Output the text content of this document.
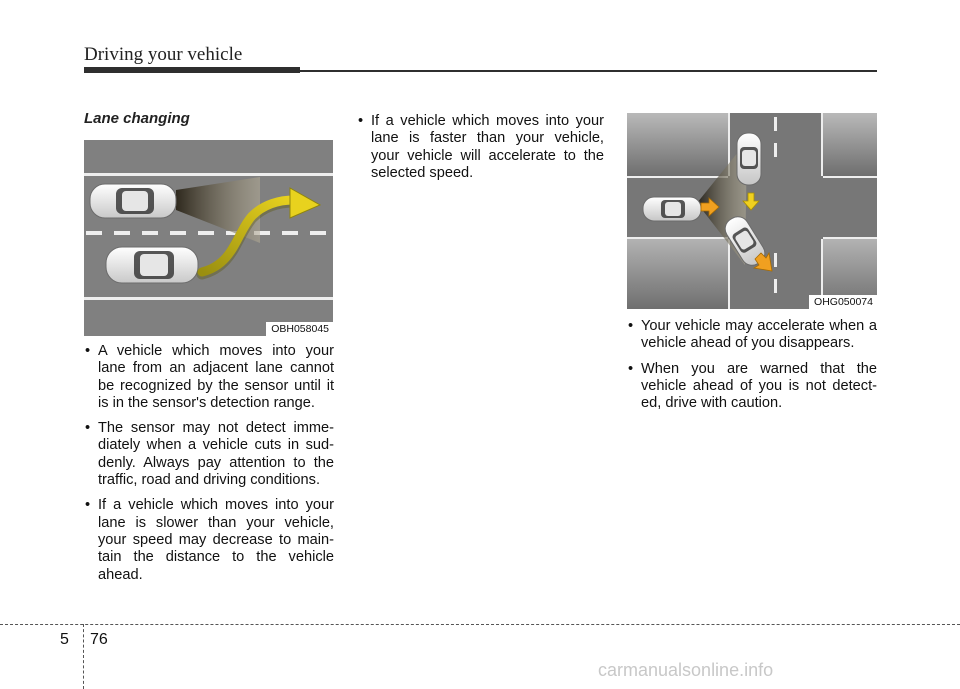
Driving your vehicle
Lane changing
OBH058045
OHG050074
• A vehicle which moves into your lane from an adjacent lane cannot be recognized by the sensor until it is in the sensor's detection range.
• The sensor may not detect imme-diately when a vehicle cuts in sud-denly. Always pay attention to the traffic, road and driving conditions.
• If a vehicle which moves into your lane is slower than your vehicle, your speed may decrease to main-tain the distance to the vehicle ahead.
• If a vehicle which moves into your lane is faster than your vehicle, your vehicle will accelerate to the selected speed.
• Your vehicle may accelerate when a vehicle ahead of you disappears.
• When you are warned that the vehicle ahead of you is not detect-ed, drive with caution.
5 76
carmanualsonline.info
